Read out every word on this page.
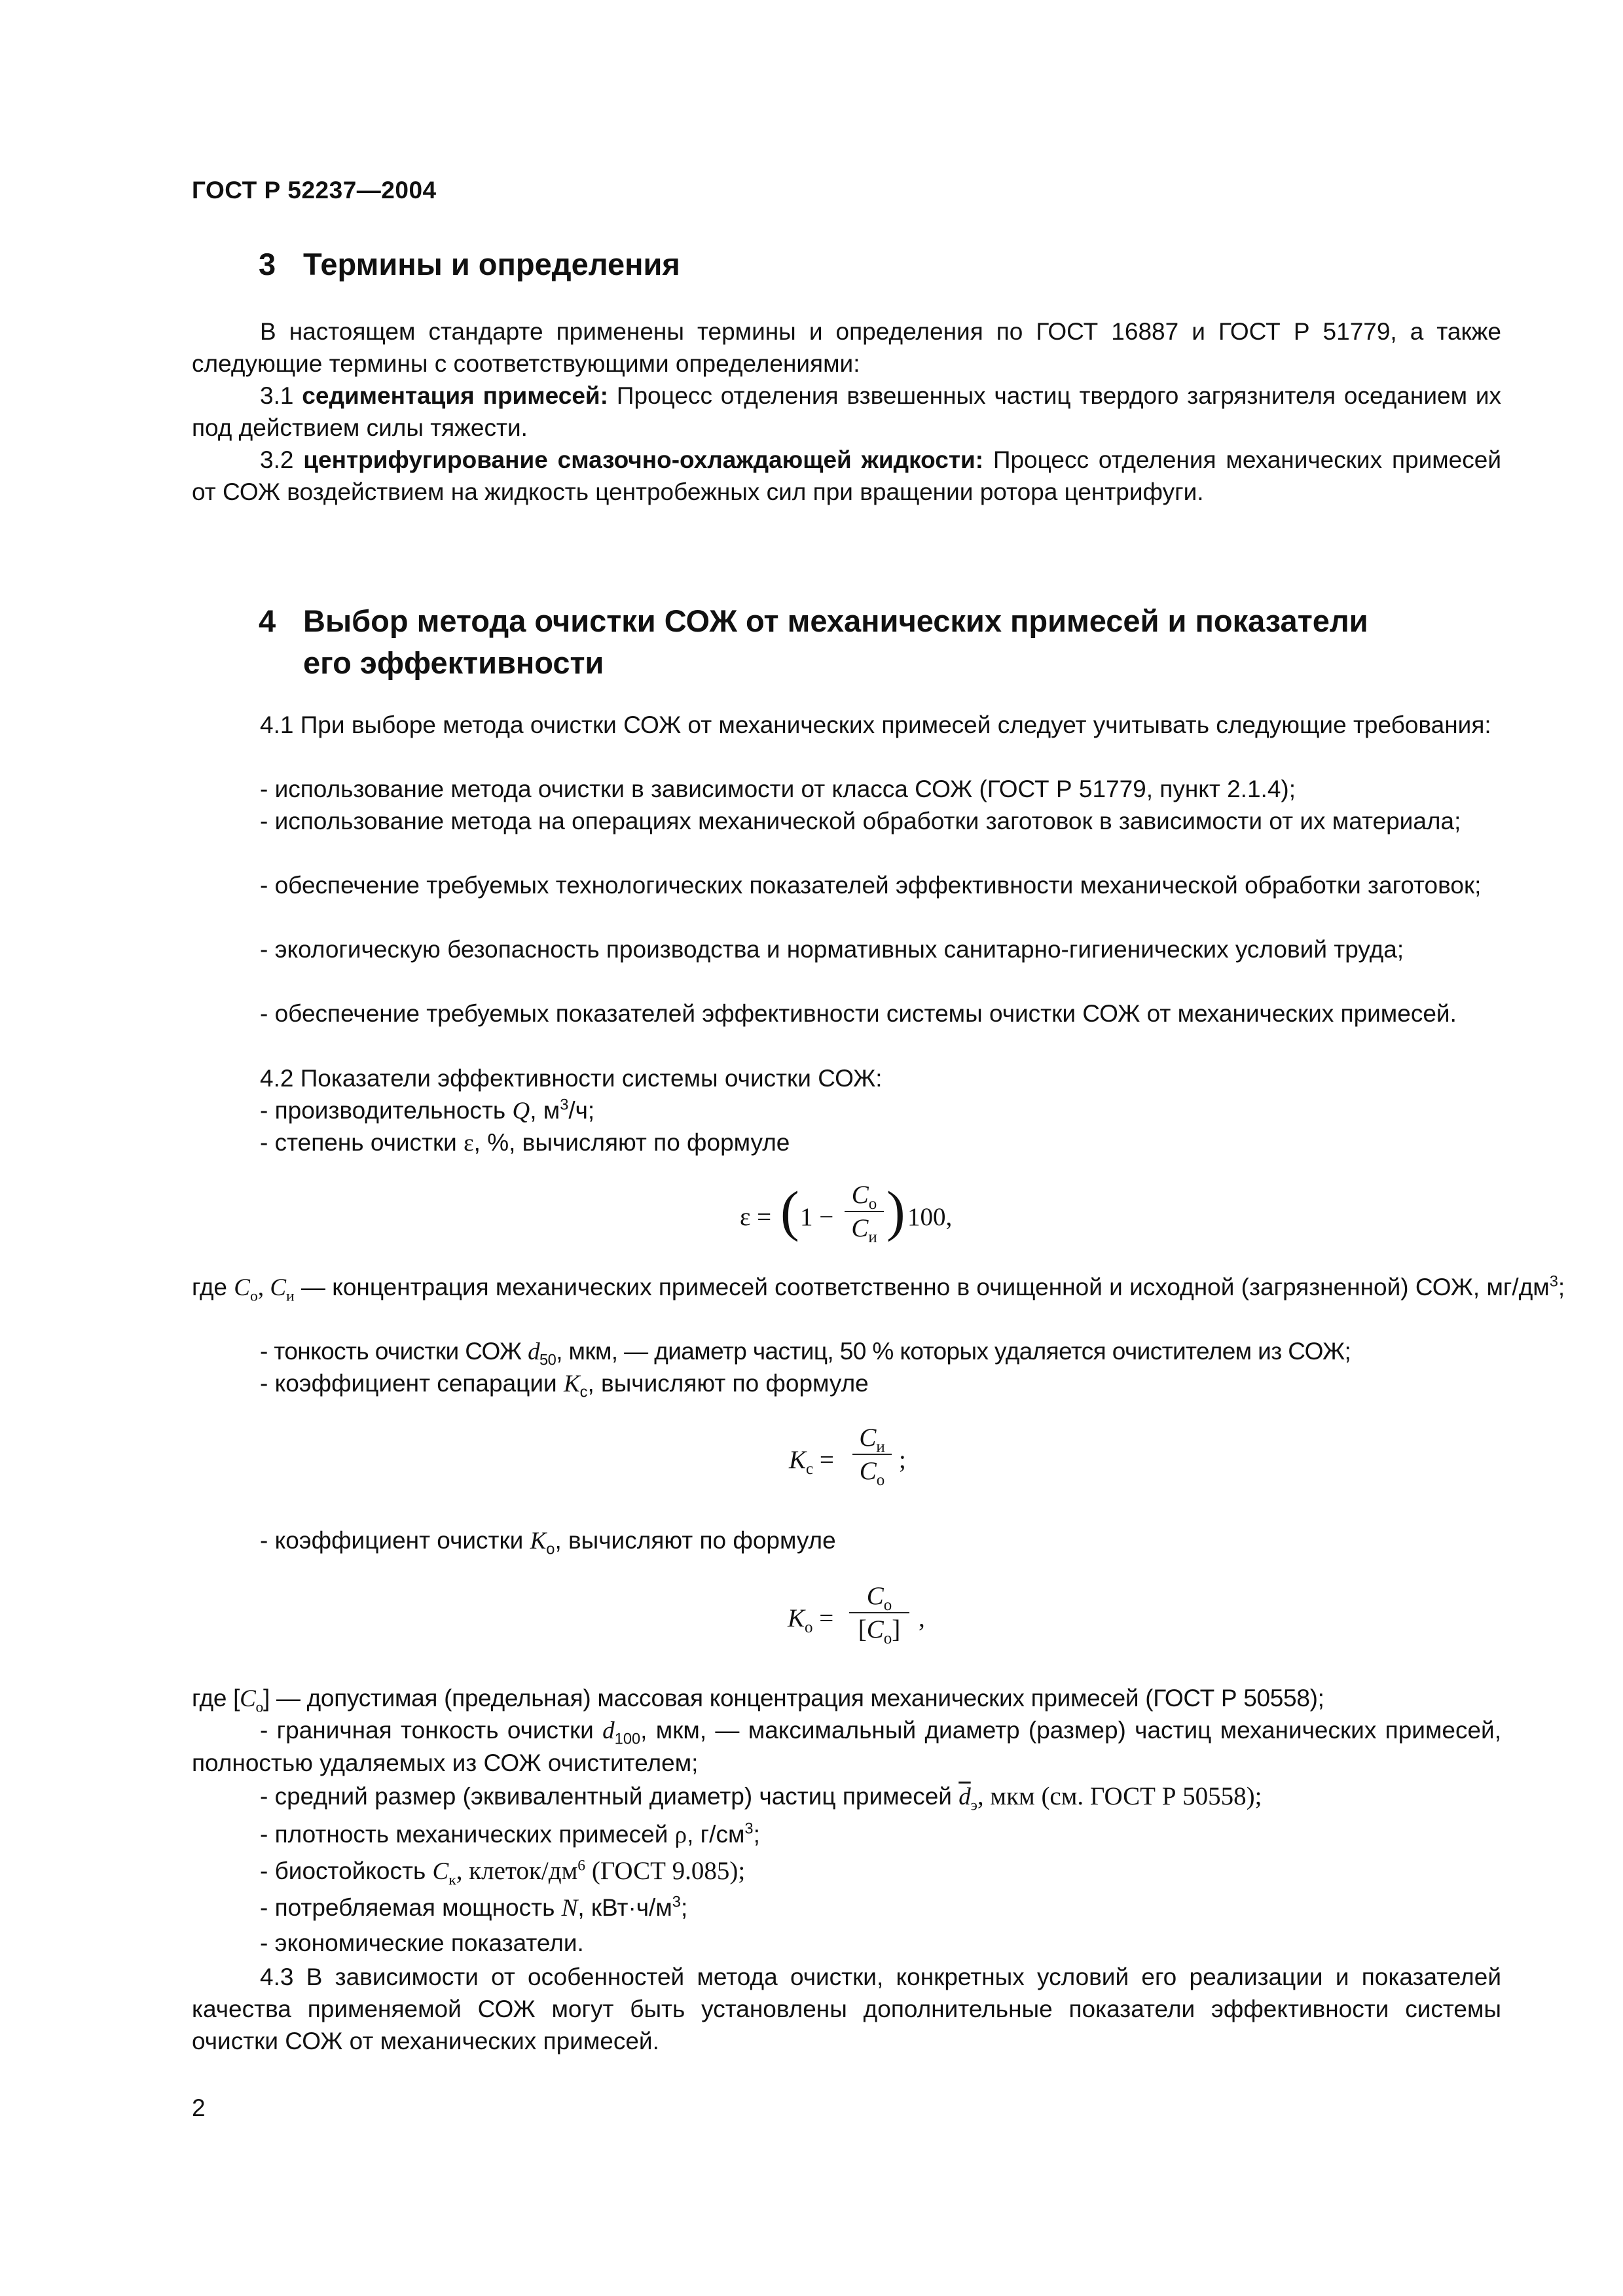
ГОСТ Р 52237—2004
3 Термины и определения
В настоящем стандарте применены термины и определения по ГОСТ 16887 и ГОСТ Р 51779, а также следующие термины с соответствующими определениями:
3.1 седиментация примесей: Процесс отделения взвешенных частиц твердого загрязнителя оседанием их под действием силы тяжести.
3.2 центрифугирование смазочно-охлаждающей жидкости: Процесс отделения механических примесей от СОЖ воздействием на жидкость центробежных сил при вращении ротора центрифуги.
4 Выбор метода очистки СОЖ от механических примесей и показатели
его эффективности
4.1 При выборе метода очистки СОЖ от механических примесей следует учитывать следующие требования:
- использование метода очистки в зависимости от класса СОЖ (ГОСТ Р 51779, пункт 2.1.4);
- использование метода на операциях механической обработки заготовок в зависимости от их материала;
- обеспечение требуемых технологических показателей эффективности механической обработки заготовок;
- экологическую безопасность производства и нормативных санитарно-гигиенических условий труда;
- обеспечение требуемых показателей эффективности системы очистки СОЖ от механических примесей.
4.2 Показатели эффективности системы очистки СОЖ:
- производительность Q, $м^3/ч$;
- степень очистки ε, %, вычисляют по формуле
ε = ( 1 −
$C_о$
$C_и$ ) 100,
где $C_о$, $C_и$ — концентрация механических примесей соответственно в очищенной и исходной (загрязненной) СОЖ, $мг/дм^3$;
- тонкость очистки СОЖ $d_{50}$, мкм, — диаметр частиц, 50 % которых удаляется очистителем из СОЖ;
- коэффициент сепарации $K_с$, вычисляют по формуле
$K_с$ =
$C_и$
$C_о$
;
- коэффициент очистки $K_о$, вычисляют по формуле
$K_о$ =
$C_о$
$[C_о]$ ,
где $[C_о]$ — допустимая (предельная) массовая концентрация механических примесей (ГОСТ Р 50558);
- граничная тонкость очистки $d_{100}$, мкм, — максимальный диаметр (размер) частиц механических примесей, полностью удаляемых из СОЖ очистителем;
- средний размер (эквивалентный диаметр) частиц примесей $\overline{d}_э$, мкм (см. ГОСТ Р 50558);
- плотность механических примесей ρ, $г/см^3$;
- биостойкость $C_к$, клеток/$дм^6$ (ГОСТ 9.085);
- потребляемая мощность N, $кВт\cdot ч/м^3$;
- экономические показатели.
4.3 В зависимости от особенностей метода очистки, конкретных условий его реализации и показателей качества применяемой СОЖ могут быть установлены дополнительные показатели эффективности системы очистки СОЖ от механических примесей.
2
